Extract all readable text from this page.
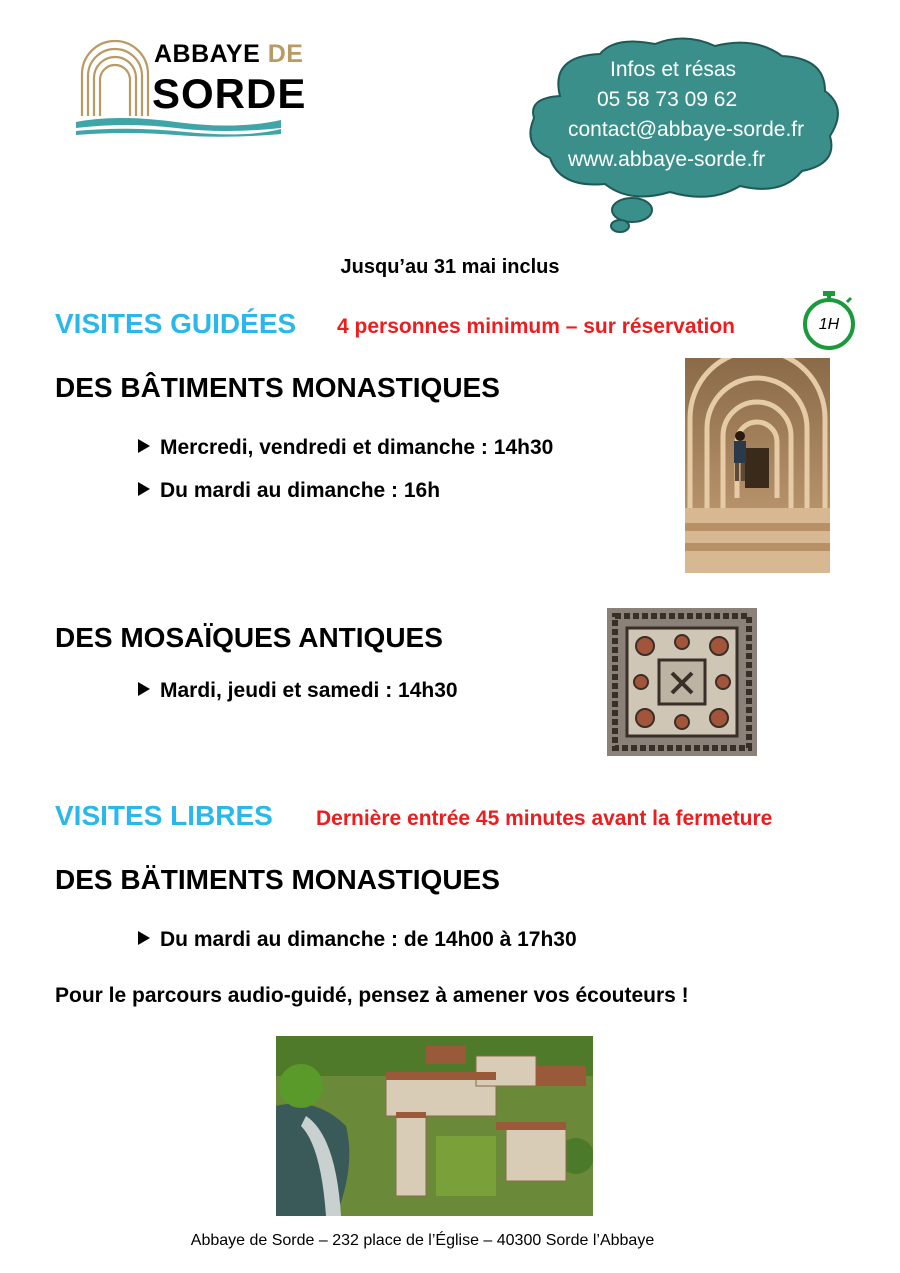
ABBAYE DE
SORDE
Infos et résas
05 58 73 09 62
contact@abbaye-sorde.fr
www.abbaye-sorde.fr
Jusqu’au 31 mai inclus
VISITES GUIDÉES 4 personnes minimum – sur réservation	1H
DES BÂTIMENTS MONASTIQUES
Mercredi, vendredi et dimanche : 14h30
Du mardi au dimanche : 16h
DES MOSAÏQUES ANTIQUES
Mardi, jeudi et samedi : 14h30
VISITES LIBRES Dernière entrée 45 minutes avant la fermeture
DES BÄTIMENTS MONASTIQUES
Du mardi au dimanche : de 14h00 à 17h30
Pour le parcours audio-guidé, pensez à amener vos écouteurs !
Abbaye de Sorde – 232 place de l’Église – 40300 Sorde l’Abbaye
